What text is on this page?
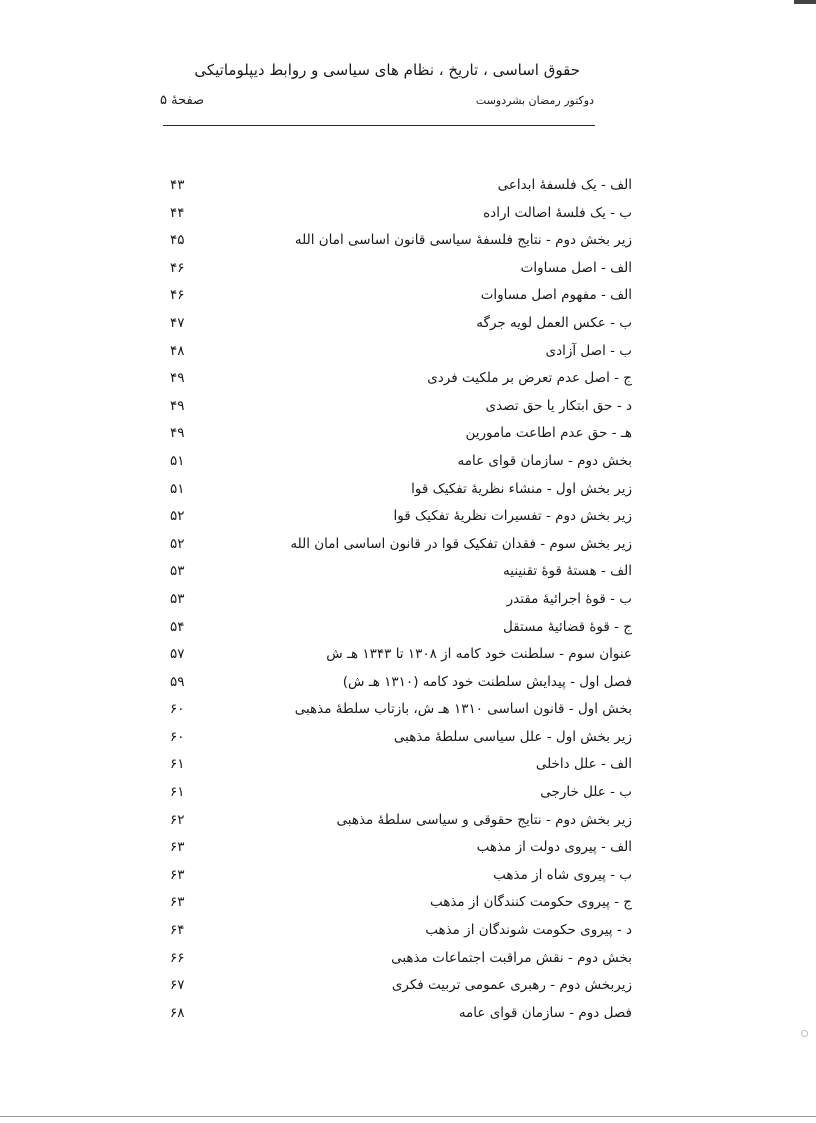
حقوق اساسی ، تاریخ ، نظام های سیاسی و روابط دیپلوماتیکی
دوکتور رمضان بشردوست
صفحهٔ ۵
الف - یک فلسفهٔ ابداعی
۴۳
ب - یک فلسهٔ اصالت اراده
۴۴
زیر بخش دوم - نتایج فلسفهٔ سیاسی قانون اساسی امان الله
۴۵
الف - اصل مساوات
۴۶
الف - مفهوم اصل مساوات
۴۶
ب - عکس العمل لویه جرگه
۴۷
ب - اصل آزادی
۴۸
ج - اصل عدم تعرض بر ملکیت فردی
۴۹
د - حق ابتکار یا حق تصدی
۴۹
هـ - حق عدم اطاعت مامورین
۴۹
بخش دوم - سازمان قوای عامه
۵۱
زیر بخش اول - منشاء نظریهٔ تفکیک قوا
۵۱
زیر بخش دوم - تفسیرات نظریهٔ تفکیک قوا
۵۲
زیر بخش سوم - فقدان تفکیک قوا در قانون اساسی امان الله
۵۲
الف - هستهٔ قوهٔ تقنینیه
۵۳
ب - قوهٔ اجرائیهٔ مقتدر
۵۳
ج - قوهٔ قضائیهٔ مستقل
۵۴
عنوان سوم - سلطنت خود کامه از ۱۳۰۸ تا ۱۳۴۳ هـ ش
۵۷
فصل اول - پیدایش سلطنت خود کامه (۱۳۱۰ هـ ش)
۵۹
بخش اول - قانون اساسی ۱۳۱۰ هـ ش، بازتاب سلطهٔ مذهبی
۶۰
زیر بخش اول - علل سیاسی سلطهٔ مذهبی
۶۰
الف - علل داخلی
۶۱
ب - علل خارجی
۶۱
زیر بخش دوم - نتایج حقوقی و سیاسی سلطهٔ مذهبی
۶۲
الف - پیروی دولت از مذهب
۶۳
ب - پیروی شاه از مذهب
۶۳
ج - پیروی حکومت کنندگان از مذهب
۶۳
د - پیروی حکومت شوندگان از مذهب
۶۴
بخش دوم - نقش مراقبت اجتماعات مذهبی
۶۶
زیربخش دوم - رهبری عمومی تربیت فکری
۶۷
فصل دوم - سازمان قوای عامه
۶۸
